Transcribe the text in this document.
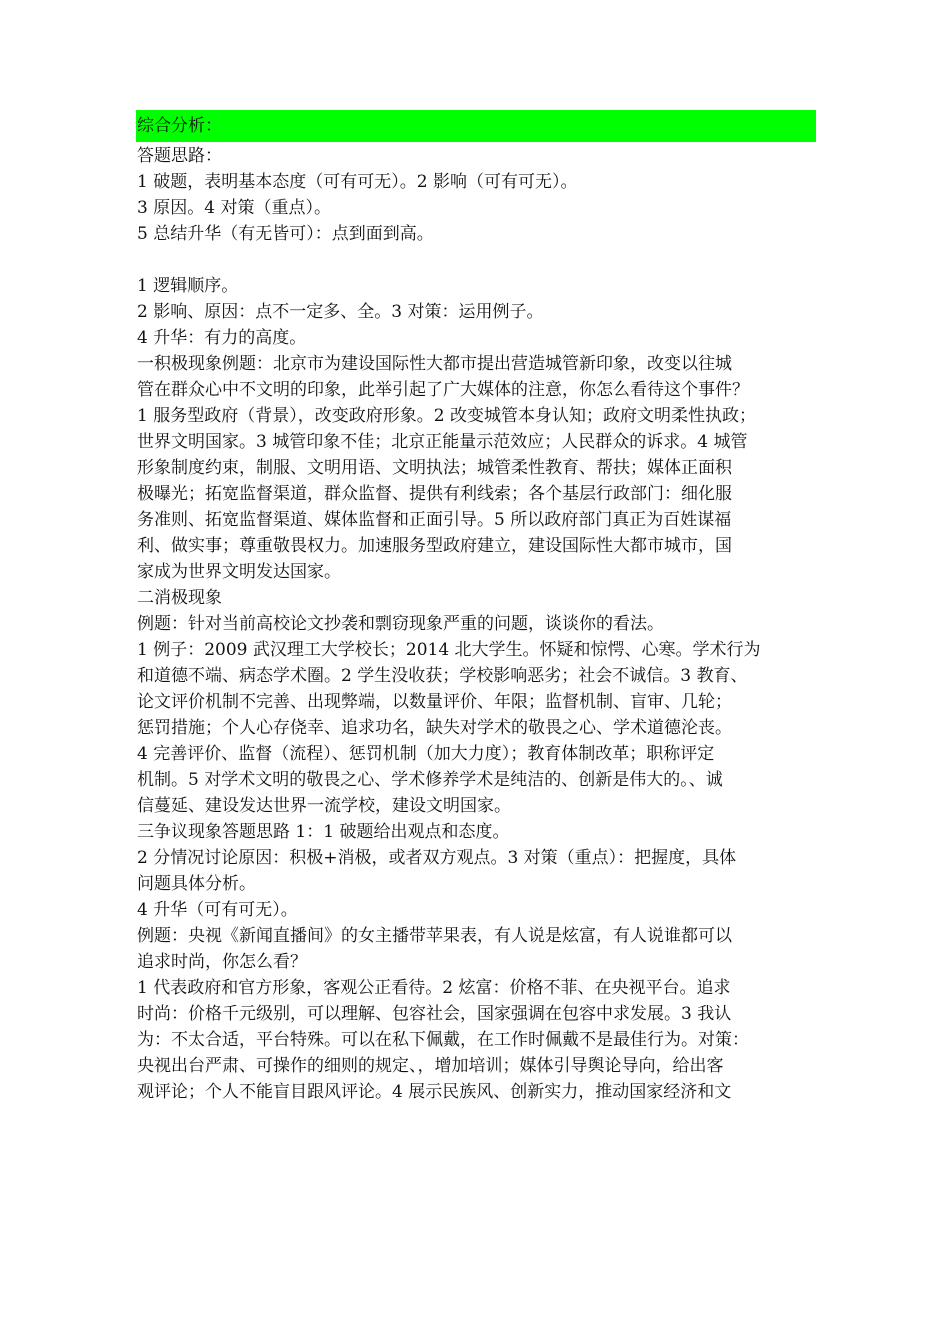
综合分析：
答题思路：
1 破题，表明基本态度（可有可无）。2 影响（可有可无）。
3 原因。4 对策（重点）。
5 总结升华（有无皆可）：点到面到高。
1 逻辑顺序。
2 影响、原因：点不一定多、全。3 对策：运用例子。
4 升华：有力的高度。
一积极现象例题：北京市为建设国际性大都市提出营造城管新印象，改变以往城
管在群众心中不文明的印象，此举引起了广大媒体的注意，你怎么看待这个事件？
1 服务型政府（背景），改变政府形象。2 改变城管本身认知；政府文明柔性执政；
世界文明国家。3 城管印象不佳；北京正能量示范效应；人民群众的诉求。4 城管
形象制度约束，制服、文明用语、文明执法；城管柔性教育、帮扶；媒体正面积
极曝光；拓宽监督渠道，群众监督、提供有利线索；各个基层行政部门：细化服
务准则、拓宽监督渠道、媒体监督和正面引导。5 所以政府部门真正为百姓谋福
利、做实事；尊重敬畏权力。加速服务型政府建立，建设国际性大都市城市，国
家成为世界文明发达国家。
二消极现象
例题：针对当前高校论文抄袭和剽窃现象严重的问题，谈谈你的看法。
1 例子：2009 武汉理工大学校长；2014 北大学生。怀疑和惊愕、心寒。学术行为
和道德不端、病态学术圈。2 学生没收获；学校影响恶劣；社会不诚信。3 教育、
论文评价机制不完善、出现弊端，以数量评价、年限；监督机制、盲审、几轮；
惩罚措施；个人心存侥幸、追求功名，缺失对学术的敬畏之心、学术道德沦丧。
4 完善评价、监督（流程）、惩罚机制（加大力度）；教育体制改革；职称评定
机制。5 对学术文明的敬畏之心、学术修养学术是纯洁的、创新是伟大的。、诚
信蔓延、建设发达世界一流学校，建设文明国家。
三争议现象答题思路 1：1 破题给出观点和态度。
2 分情况讨论原因：积极+消极，或者双方观点。3 对策（重点）：把握度，具体
问题具体分析。
4 升华（可有可无）。
例题：央视《新闻直播间》的女主播带苹果表，有人说是炫富，有人说谁都可以
追求时尚，你怎么看？
1 代表政府和官方形象，客观公正看待。2 炫富：价格不菲、在央视平台。追求
时尚：价格千元级别，可以理解、包容社会，国家强调在包容中求发展。3 我认
为：不太合适，平台特殊。可以在私下佩戴，在工作时佩戴不是最佳行为。对策：
央视出台严肃、可操作的细则的规定、，增加培训；媒体引导舆论导向，给出客
观评论；个人不能盲目跟风评论。4 展示民族风、创新实力，推动国家经济和文
